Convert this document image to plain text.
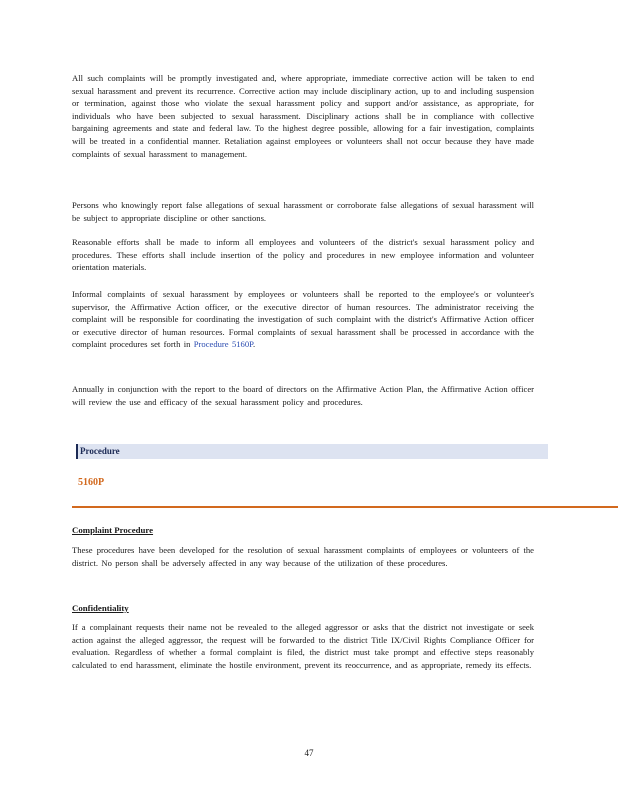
All such complaints will be promptly investigated and, where appropriate, immediate corrective action will be taken to end sexual harassment and prevent its recurrence. Corrective action may include disciplinary action, up to and including suspension or termination, against those who violate the sexual harassment policy and support and/or assistance, as appropriate, for individuals who have been subjected to sexual harassment. Disciplinary actions shall be in compliance with collective bargaining agreements and state and federal law. To the highest degree possible, allowing for a fair investigation, complaints will be treated in a confidential manner. Retaliation against employees or volunteers shall not occur because they have made complaints of sexual harassment to management.

Persons who knowingly report false allegations of sexual harassment or corroborate false allegations of sexual harassment will be subject to appropriate discipline or other sanctions.

Reasonable efforts shall be made to inform all employees and volunteers of the district's sexual harassment policy and procedures. These efforts shall include insertion of the policy and procedures in new employee information and volunteer orientation materials.

Informal complaints of sexual harassment by employees or volunteers shall be reported to the employee's or volunteer's supervisor, the Affirmative Action officer, or the executive director of human resources. The administrator receiving the complaint will be responsible for coordinating the investigation of such complaint with the district's Affirmative Action officer or executive director of human resources. Formal complaints of sexual harassment shall be processed in accordance with the complaint procedures set forth in Procedure 5160P.

Annually in conjunction with the report to the board of directors on the Affirmative Action Plan, the Affirmative Action officer will review the use and efficacy of the sexual harassment policy and procedures.

Procedure
5160P

Complaint Procedure

These procedures have been developed for the resolution of sexual harassment complaints of employees or volunteers of the district. No person shall be adversely affected in any way because of the utilization of these procedures.

Confidentiality

If a complainant requests their name not be revealed to the alleged aggressor or asks that the district not investigate or seek action against the alleged aggressor, the request will be forwarded to the district Title IX/Civil Rights Compliance Officer for evaluation. Regardless of whether a formal complaint is filed, the district must take prompt and effective steps reasonably calculated to end harassment, eliminate the hostile environment, prevent its reoccurrence, and as appropriate, remedy its effects.

47
